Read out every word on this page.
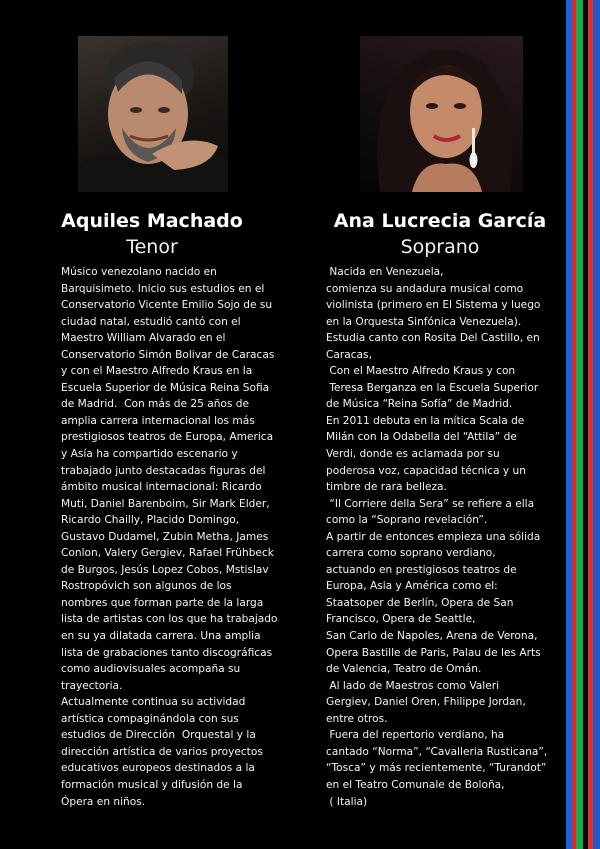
Aquiles Machado
Tenor
Ana Lucrecia García
Soprano
Músico venezolano nacido en
Barquisimeto. Inicio sus estudios en el
Conservatorio Vicente Emilio Sojo de su
ciudad natal, estudió cantó con el
Maestro William Alvarado en el
Conservatorio Simón Bolivar de Caracas
y con el Maestro Alfredo Kraus en la
Escuela Superior de Música Reina Sofia
de Madrid.  Con más de 25 años de
amplia carrera internacional los más
prestigiosos teatros de Europa, America
y Asía ha compartido escenario y
trabajado junto destacadas figuras del
ámbito musical internacional: Ricardo
Muti, Daniel Barenboim, Sir Mark Elder,
Ricardo Chailly, Placido Domingo,
Gustavo Dudamel, Zubin Metha, James
Conlon, Valery Gergiev, Rafael Frühbeck
de Burgos, Jesús Lopez Cobos, Mstislav
Rostropóvich son algunos de los
nombres que forman parte de la larga
lista de artistas con los que ha trabajado
en su ya dilatada carrera. Una amplia
lista de grabaciones tanto discográficas
como audiovisuales acompaña su
trayectoria.
Actualmente continua su actividad
artística compaginándola con sus
estudios de Dirección  Orquestal y la
dirección artística de varios proyectos
educativos europeos destinados a la
formación musical y difusión de la
Ópera en niños.
Nacida en Venezuela,
comienza su andadura musical como
violinista (primero en El Sistema y luego
en la Orquesta Sinfónica Venezuela).
Estudia canto con Rosita Del Castillo, en
Caracas,
Con el Maestro Alfredo Kraus y con
Teresa Berganza en la Escuela Superior
de Música “Reina Sofía” de Madrid.
En 2011 debuta en la mítica Scala de
Milán con la Odabella del “Attila” de
Verdi, donde es aclamada por su
poderosa voz, capacidad técnica y un
timbre de rara belleza.
“Il Corriere della Sera” se refiere a ella
como la “Soprano revelación”.
A partir de entonces empieza una sólida
carrera como soprano verdiano,
actuando en prestigiosos teatros de
Europa, Asia y América como el:
Staatsoper de Berlín, Opera de San
Francisco, Opera de Seattle,
San Carlo de Napoles, Arena de Verona,
Opera Bastille de Paris, Palau de les Arts
de Valencia, Teatro de Omán.
Al lado de Maestros como Valeri
Gergiev, Daniel Oren, Fhilippe Jordan,
entre otros.
Fuera del repertorio verdiano, ha
cantado “Norma”, “Cavalleria Rusticana”,
“Tosca” y más recientemente, “Turandot”
en el Teatro Comunale de Boloña,
( Italia)
